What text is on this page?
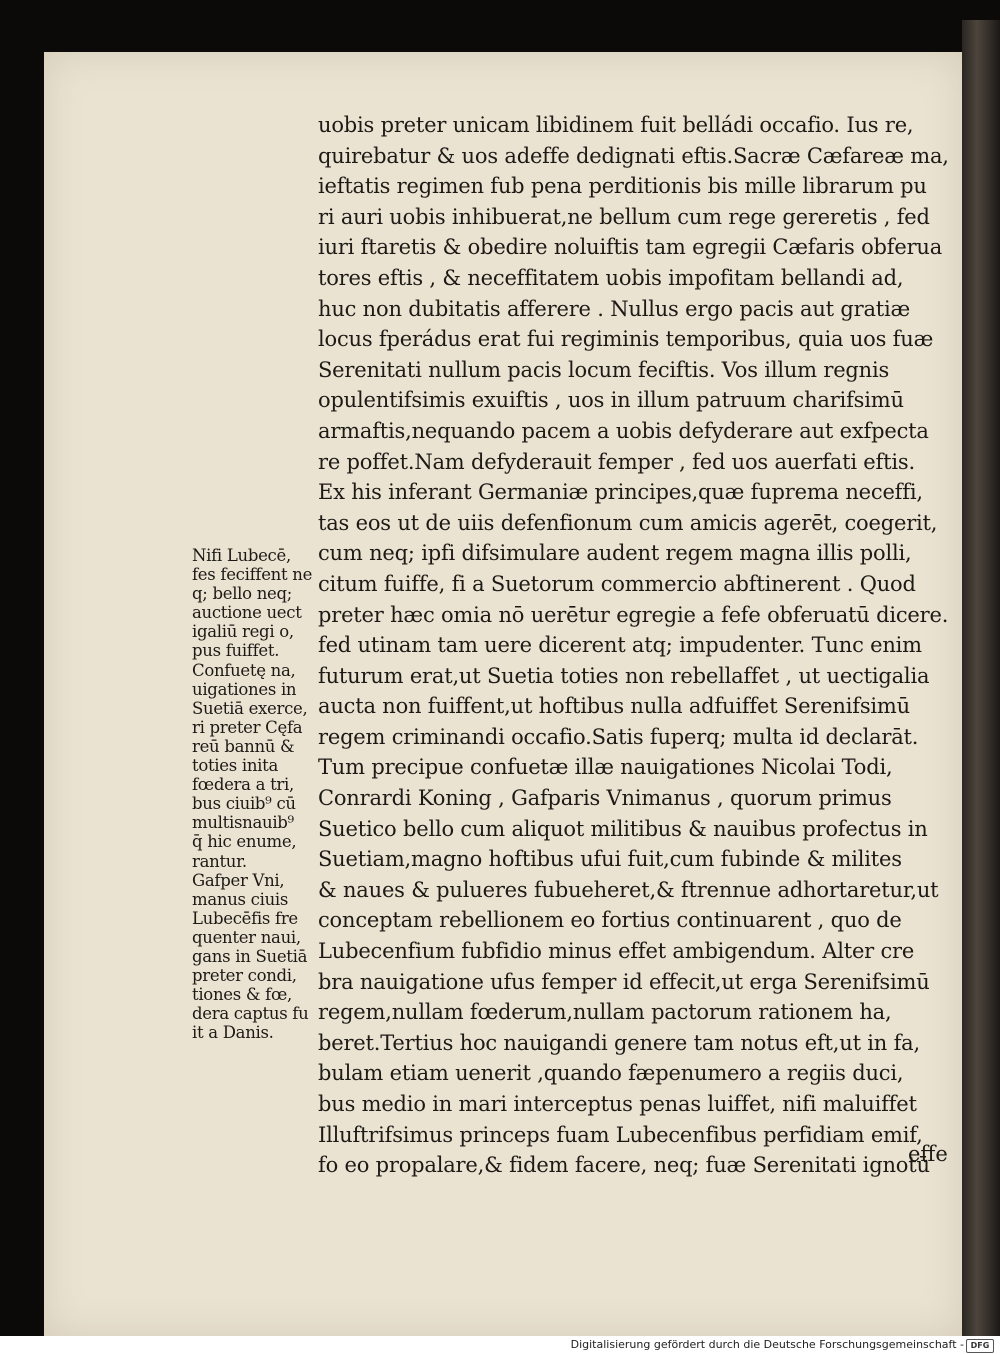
uobis preter unicam libidinem fuit belládi occafio. Ius re,
quirebatur & uos adeffe dedignati eftis.Sacræ Cæfareæ ma,
ieftatis regimen fub pena perditionis bis mille librarum pu
ri auri uobis inhibuerat,ne bellum cum rege gereretis , fed
iuri ftaretis & obedire noluiftis tam egregii Cæfaris obferua
tores eftis , & neceffitatem uobis impofitam bellandi ad,
huc non dubitatis afferere . Nullus ergo pacis aut gratiæ
locus fperádus erat fui regiminis temporibus, quia uos fuæ
Serenitati nullum pacis locum feciftis. Vos illum regnis
opulentifsimis exuiftis , uos in illum patruum charifsimū
armaftis,nequando pacem a uobis defyderare aut exfpecta
re poffet.Nam defyderauit femper , fed uos auerfati eftis.
Ex his inferant Germaniæ principes,quæ fuprema neceffi,
tas eos ut de uiis defenfionum cum amicis agerēt, coegerit,
cum neq; ipfi difsimulare audent regem magna illis polli,
citum fuiffe, fi a Suetorum commercio abftinerent . Quod
preter hæc omia nō uerētur egregie a fefe obferuatū dicere.
fed utinam tam uere dicerent atq; impudenter. Tunc enim
futurum erat,ut Suetia toties non rebellaffet , ut uectigalia
aucta non fuiffent,ut hoftibus nulla adfuiffet Serenifsimū
regem criminandi occafio.Satis fuperq; multa id declarāt.
Tum precipue confuetæ illæ nauigationes Nicolai Todi,
Conrardi Koning , Gafparis Vnimanus , quorum primus
Suetico bello cum aliquot militibus & nauibus profectus in
Suetiam,magno hoftibus ufui fuit,cum fubinde & milites
& naues & pulueres fubueheret,& ftrennue adhortaretur,ut
conceptam rebellionem eo fortius continuarent , quo de
Lubecenfium fubfidio minus effet ambigendum. Alter cre
bra nauigatione ufus femper id effecit,ut erga Serenifsimū
regem,nullam fœderum,nullam pactorum rationem ha,
beret.Tertius hoc nauigandi genere tam notus eft,ut in fa,
bulam etiam uenerit ,quando fæpenumero a regiis duci,
bus medio in mari interceptus penas luiffet, nifi maluiffet
Illuftrifsimus princeps fuam Lubecenfibus perfidiam emif,
fo eo propalare,& fidem facere, neq; fuæ Serenitati ignotū
effe
Nifi Lubecē,
fes feciffent ne
q; bello neq;
auctione uect
igaliū regi o,
pus fuiffet.
Confuetę na,
uigationes in
Suetiā exerce,
ri preter Cęfa
reū bannū &
toties inita
fœdera a tri,
bus ciuib⁹ cū
multisnauib⁹
q̄ hic enume,
rantur.
Gafper Vni,
manus ciuis
Lubecēfis fre
quenter naui,
gans in Suetiā
preter condi,
tiones & fœ,
dera captus fu
it a Danis.
Digitalisierung gefördert durch die Deutsche Forschungsgemeinschaft - DFG
